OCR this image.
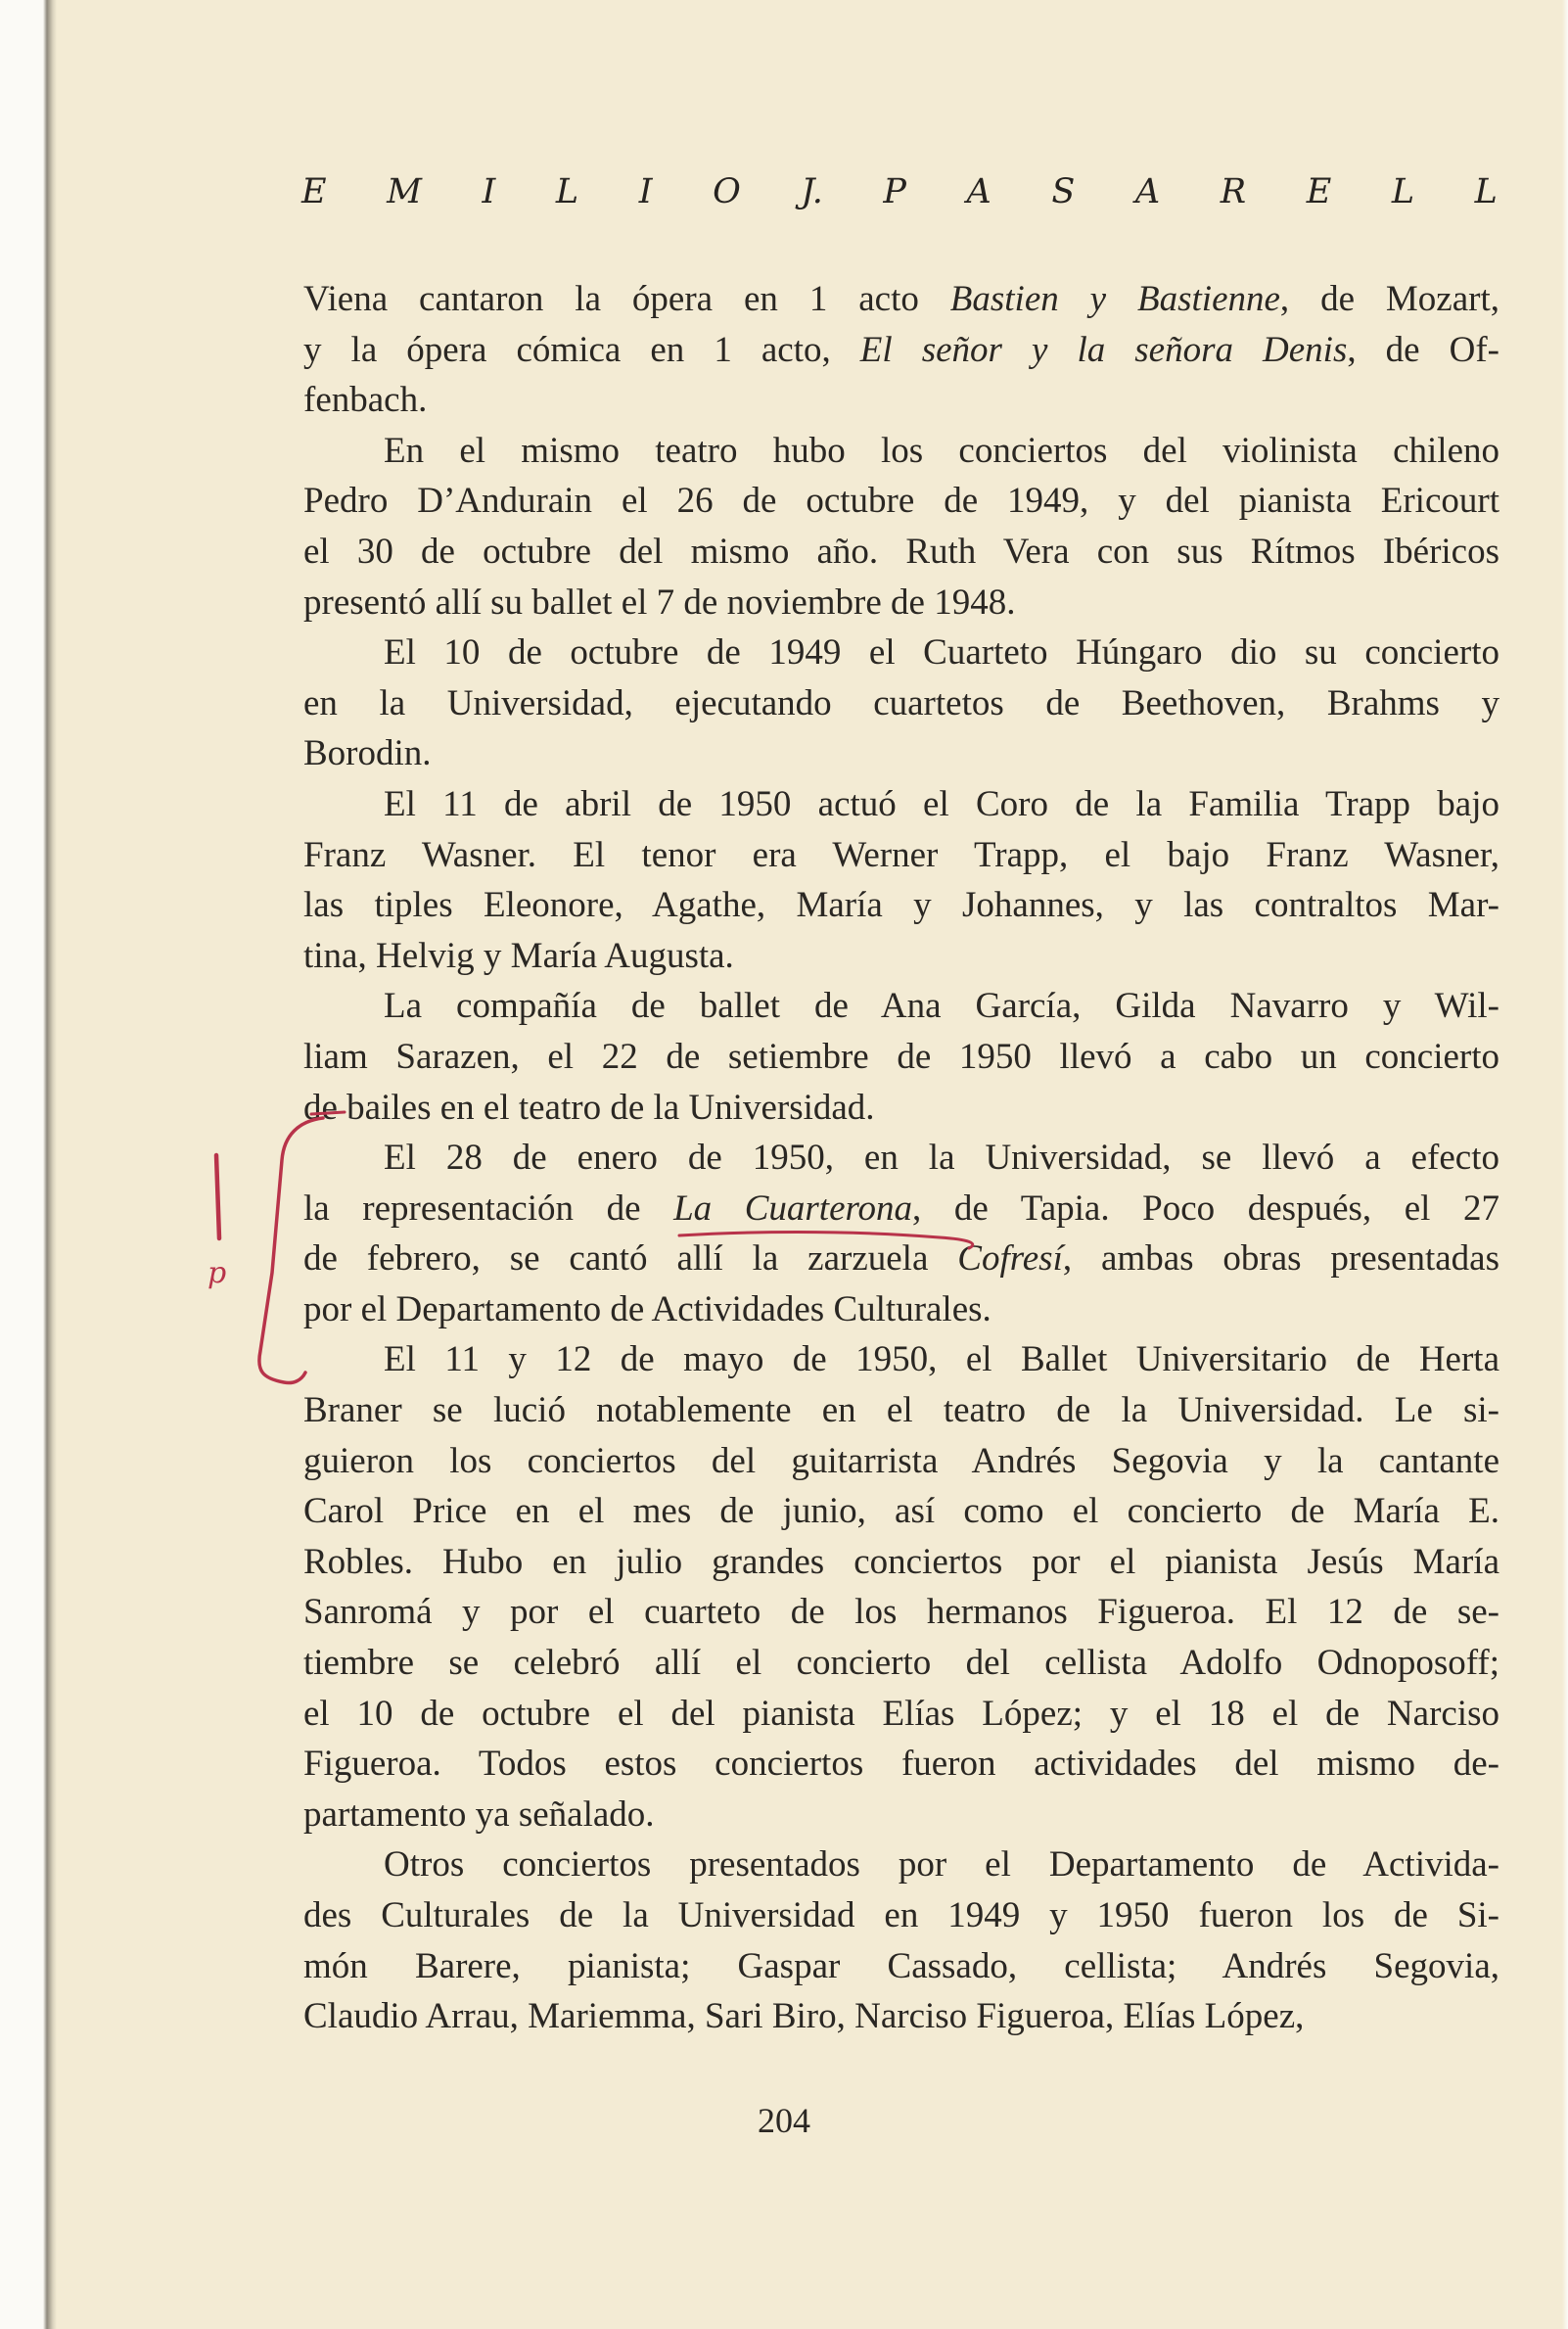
E M I L I O J. P A S A R E L L
Viena cantaron la ópera en 1 acto Bastien y Bastienne, de Mozart,
y la ópera cómica en 1 acto, El señor y la señora Denis, de Of-
fenbach.
En el mismo teatro hubo los conciertos del violinista chileno
Pedro D’Andurain el 26 de octubre de 1949, y del pianista Ericourt
el 30 de octubre del mismo año. Ruth Vera con sus Rítmos Ibéricos
presentó allí su ballet el 7 de noviembre de 1948.
El 10 de octubre de 1949 el Cuarteto Húngaro dio su concierto
en la Universidad, ejecutando cuartetos de Beethoven, Brahms y
Borodin.
El 11 de abril de 1950 actuó el Coro de la Familia Trapp bajo
Franz Wasner. El tenor era Werner Trapp, el bajo Franz Wasner,
las tiples Eleonore, Agathe, María y Johannes, y las contraltos Mar-
tina, Helvig y María Augusta.
La compañía de ballet de Ana García, Gilda Navarro y Wil-
liam Sarazen, el 22 de setiembre de 1950 llevó a cabo un concierto
de bailes en el teatro de la Universidad.
El 28 de enero de 1950, en la Universidad, se llevó a efecto
la representación de La Cuarterona, de Tapia. Poco después, el 27
de febrero, se cantó allí la zarzuela Cofresí, ambas obras presentadas
por el Departamento de Actividades Culturales.
El 11 y 12 de mayo de 1950, el Ballet Universitario de Herta
Braner se lució notablemente en el teatro de la Universidad. Le si-
guieron los conciertos del guitarrista Andrés Segovia y la cantante
Carol Price en el mes de junio, así como el concierto de María E.
Robles. Hubo en julio grandes conciertos por el pianista Jesús María
Sanromá y por el cuarteto de los hermanos Figueroa. El 12 de se-
tiembre se celebró allí el concierto del cellista Adolfo Odnoposoff;
el 10 de octubre el del pianista Elías López; y el 18 el de Narciso
Figueroa. Todos estos conciertos fueron actividades del mismo de-
partamento ya señalado.
Otros conciertos presentados por el Departamento de Activida-
des Culturales de la Universidad en 1949 y 1950 fueron los de Si-
món Barere, pianista; Gaspar Cassado, cellista; Andrés Segovia,
Claudio Arrau, Mariemma, Sari Biro, Narciso Figueroa, Elías López,
204
p
